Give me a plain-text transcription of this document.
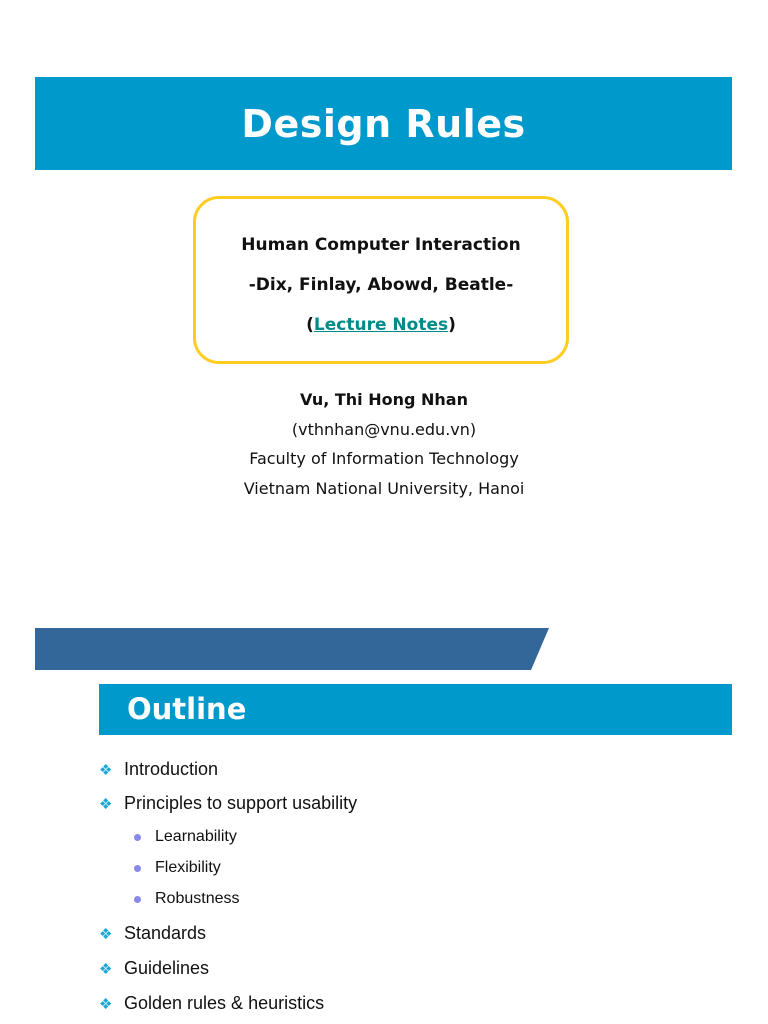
Design Rules
Human Computer Interaction
-Dix, Finlay, Abowd, Beatle-
(Lecture Notes)
Vu, Thi Hong Nhan
(vthnhan@vnu.edu.vn)
Faculty of Information Technology
Vietnam National University, Hanoi
Outline
❖ Introduction
❖ Principles to support usability
Learnability
Flexibility
Robustness
❖ Standards
❖ Guidelines
❖ Golden rules & heuristics
